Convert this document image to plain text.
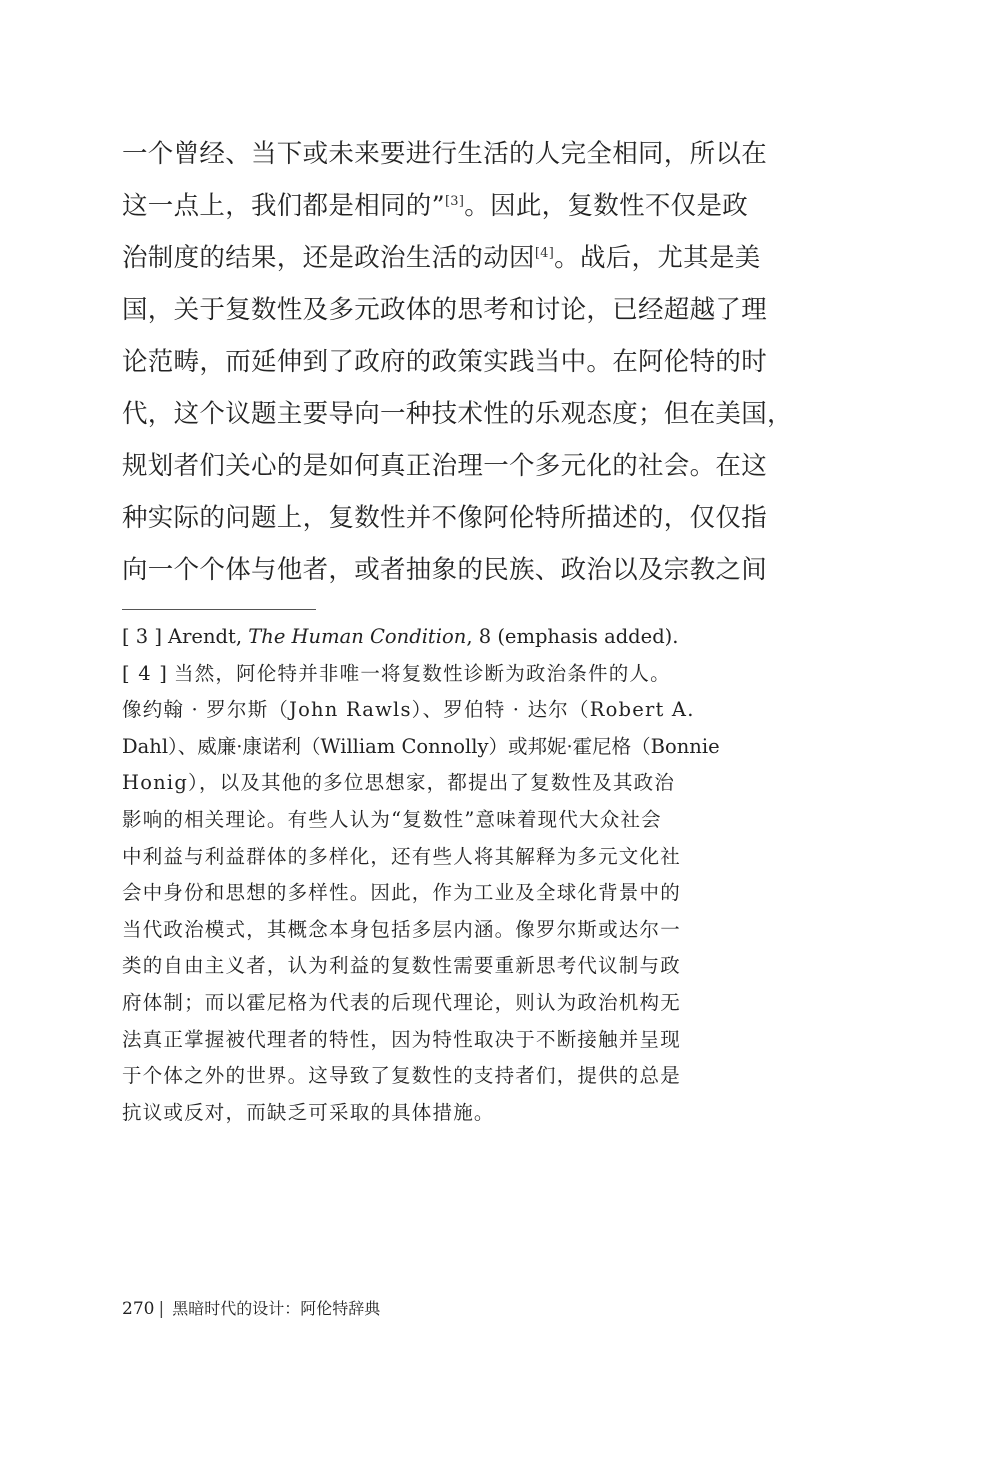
一个曾经、当下或未来要进行生活的人完全相同，所以在
这一点上，我们都是相同的”[3]。因此，复数性不仅是政
治制度的结果，还是政治生活的动因[4]。战后，尤其是美
国，关于复数性及多元政体的思考和讨论，已经超越了理
论范畴，而延伸到了政府的政策实践当中。在阿伦特的时
代，这个议题主要导向一种技术性的乐观态度；但在美国，
规划者们关心的是如何真正治理一个多元化的社会。在这
种实际的问题上，复数性并不像阿伦特所描述的，仅仅指
向一个个体与他者，或者抽象的民族、政治以及宗教之间
[ 3 ] Arendt, The Human Condition, 8 (emphasis added).
[ 4 ] 当然，阿伦特并非唯一将复数性诊断为政治条件的人。
像约翰 · 罗尔斯（John Rawls）、罗伯特 · 达尔（Robert A.
Dahl）、威廉·康诺利（William Connolly）或邦妮·霍尼格（Bonnie
Honig），以及其他的多位思想家，都提出了复数性及其政治
影响的相关理论。有些人认为“复数性”意味着现代大众社会
中利益与利益群体的多样化，还有些人将其解释为多元文化社
会中身份和思想的多样性。因此，作为工业及全球化背景中的
当代政治模式，其概念本身包括多层内涵。像罗尔斯或达尔一
类的自由主义者，认为利益的复数性需要重新思考代议制与政
府体制；而以霍尼格为代表的后现代理论，则认为政治机构无
法真正掌握被代理者的特性，因为特性取决于不断接触并呈现
于个体之外的世界。这导致了复数性的支持者们，提供的总是
抗议或反对，而缺乏可采取的具体措施。
270 | 黑暗时代的设计：阿伦特辞典
